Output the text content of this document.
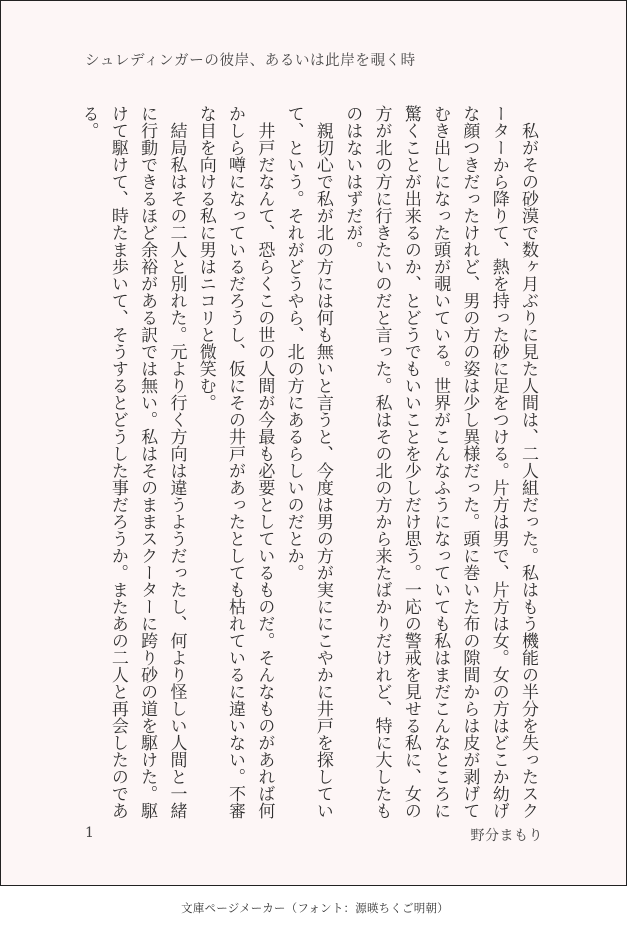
シュレディンガーの彼岸、あるいは此岸を覗く時

私がその砂漠で数ヶ月ぶりに見た人間は、二人組だった。私はもう機能の半分を失ったスクーターから降りて、熱を持った砂に足をつける。片方は男で、片方は女。女の方はどこか幼げな顔つきだったけれど、男の方の姿は少し異様だった。頭に巻いた布の隙間からは皮が剥げてむき出しになった頭が覗いている。世界がこんなふうになっていても私はまだこんなところに驚くことが出来るのか、とどうでもいいことを少しだけ思う。一応の警戒を見せる私に、女の方が北の方に行きたいのだと言った。私はその北の方から来たばかりだけれど、特に大したものはないはずだが。

親切心で私が北の方には何も無いと言うと、今度は男の方が実ににこやかに井戸を探していて、という。それがどうやら、北の方にあるらしいのだとか。

井戸だなんて、恐らくこの世の人間が今最も必要としているものだ。そんなものがあれば何かしら噂になっているだろうし、仮にその井戸があったとしても枯れているに違いない。不審な目を向ける私に男はニコリと微笑む。

結局私はその二人と別れた。元より行く方向は違うようだったし、何より怪しい人間と一緒に行動できるほど余裕がある訳では無い。私はそのままスクーターに跨り砂の道を駆けた。駆けて駆けて、時たま歩いて、そうするとどうした事だろうか。またあの二人と再会したのである。

1	野分まもり
文庫ページメーカー（フォント：源暎ちくご明朝）
